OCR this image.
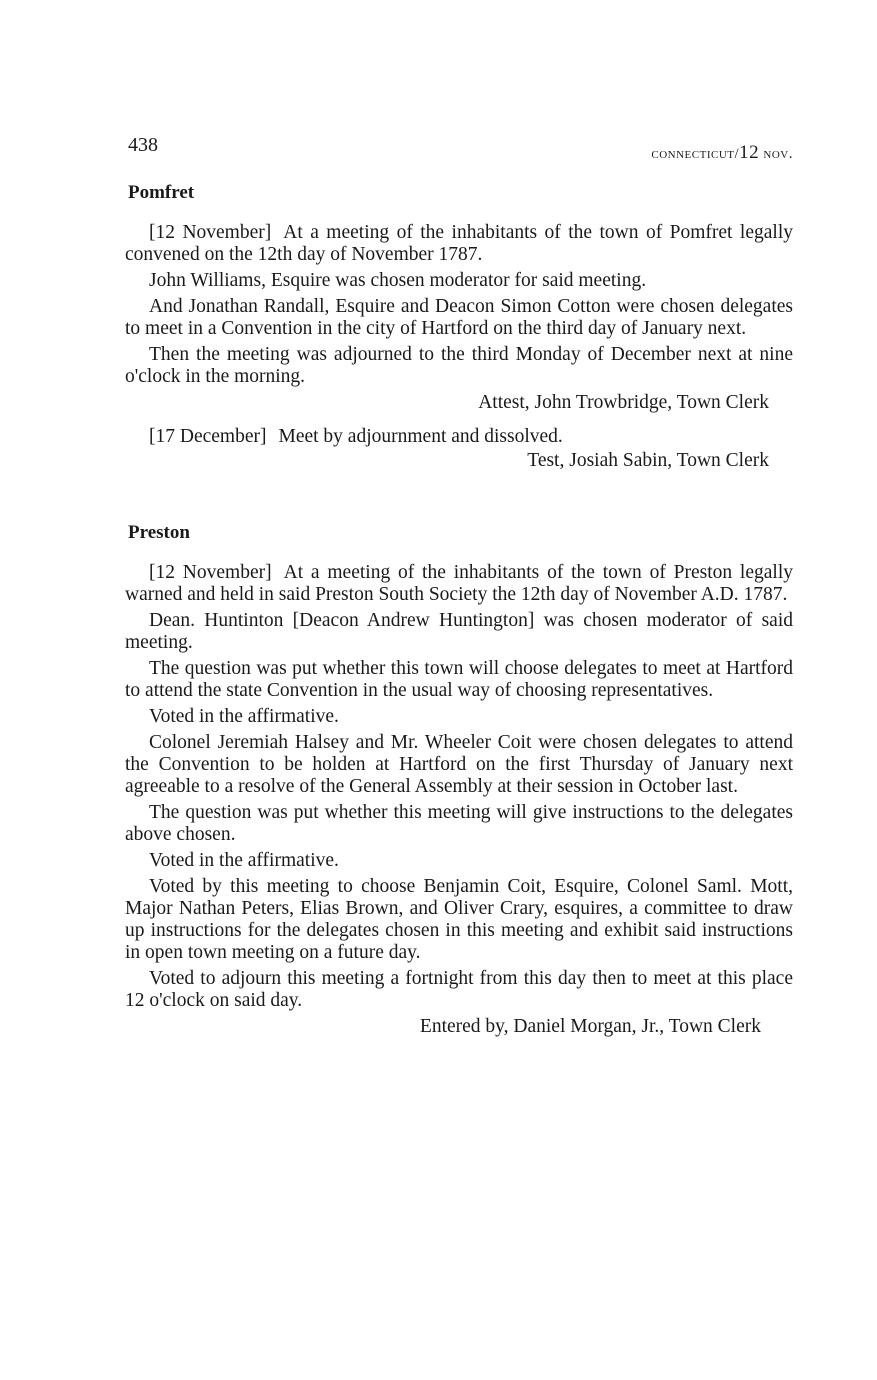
438	connecticut/12 nov.
Pomfret

[12 November] At a meeting of the inhabitants of the town of Pomfret legally convened on the 12th day of November 1787.

John Williams, Esquire was chosen moderator for said meeting.

And Jonathan Randall, Esquire and Deacon Simon Cotton were chosen delegates to meet in a Convention in the city of Hartford on the third day of January next.

Then the meeting was adjourned to the third Monday of December next at nine o'clock in the morning.

Attest, John Trowbridge, Town Clerk

[17 December] Meet by adjournment and dissolved.

Test, Josiah Sabin, Town Clerk

Preston

[12 November] At a meeting of the inhabitants of the town of Preston legally warned and held in said Preston South Society the 12th day of November A.D. 1787.

Dean. Huntinton [Deacon Andrew Huntington] was chosen moderator of said meeting.

The question was put whether this town will choose delegates to meet at Hartford to attend the state Convention in the usual way of choosing representatives.

Voted in the affirmative.

Colonel Jeremiah Halsey and Mr. Wheeler Coit were chosen delegates to attend the Convention to be holden at Hartford on the first Thursday of January next agreeable to a resolve of the General Assembly at their session in October last.

The question was put whether this meeting will give instructions to the delegates above chosen.

Voted in the affirmative.

Voted by this meeting to choose Benjamin Coit, Esquire, Colonel Saml. Mott, Major Nathan Peters, Elias Brown, and Oliver Crary, esquires, a committee to draw up instructions for the delegates chosen in this meeting and exhibit said instructions in open town meeting on a future day.

Voted to adjourn this meeting a fortnight from this day then to meet at this place 12 o'clock on said day.

Entered by, Daniel Morgan, Jr., Town Clerk
